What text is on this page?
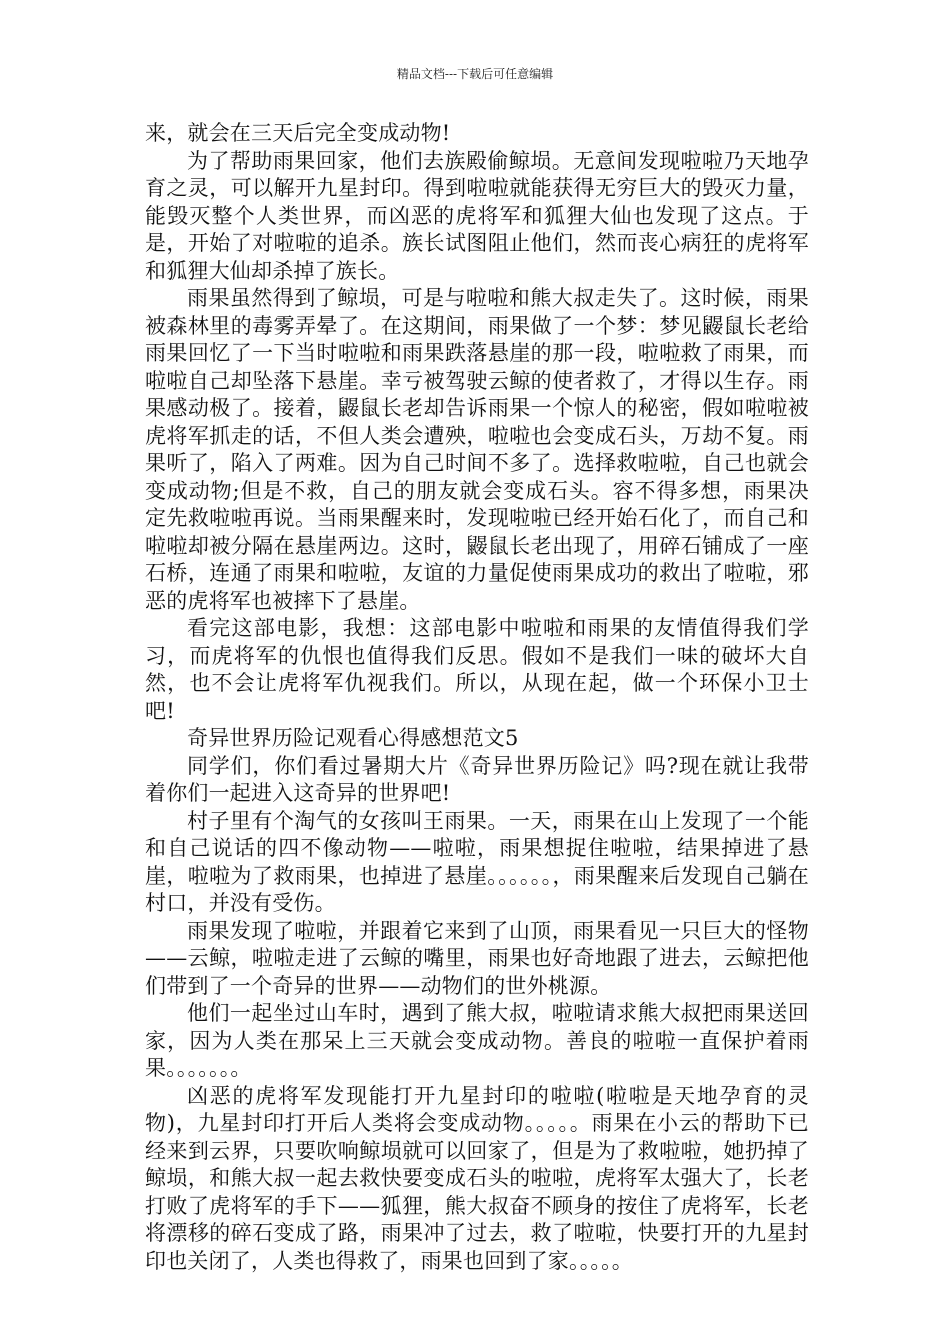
精品文档---下载后可任意编辑

来，就会在三天后完全变成动物!

为了帮助雨果回家，他们去族殿偷鲸埙。无意间发现啦啦乃天地孕育之灵，可以解开九星封印。得到啦啦就能获得无穷巨大的毁灭力量，能毁灭整个人类世界，而凶恶的虎将军和狐狸大仙也发现了这点。于是，开始了对啦啦的追杀。族长试图阻止他们，然而丧心病狂的虎将军和狐狸大仙却杀掉了族长。

雨果虽然得到了鲸埙，可是与啦啦和熊大叔走失了。这时候，雨果被森林里的毒雾弄晕了。在这期间，雨果做了一个梦：梦见鼹鼠长老给雨果回忆了一下当时啦啦和雨果跌落悬崖的那一段，啦啦救了雨果，而啦啦自己却坠落下悬崖。幸亏被驾驶云鲸的使者救了，才得以生存。雨果感动极了。接着，鼹鼠长老却告诉雨果一个惊人的秘密，假如啦啦被虎将军抓走的话，不但人类会遭殃，啦啦也会变成石头，万劫不复。雨果听了，陷入了两难。因为自己时间不多了。选择救啦啦，自己也就会变成动物;但是不救，自己的朋友就会变成石头。容不得多想，雨果决定先救啦啦再说。当雨果醒来时，发现啦啦已经开始石化了，而自己和啦啦却被分隔在悬崖两边。这时，鼹鼠长老出现了，用碎石铺成了一座石桥，连通了雨果和啦啦，友谊的力量促使雨果成功的救出了啦啦，邪恶的虎将军也被摔下了悬崖。

看完这部电影，我想：这部电影中啦啦和雨果的友情值得我们学习，而虎将军的仇恨也值得我们反思。假如不是我们一味的破坏大自然，也不会让虎将军仇视我们。所以，从现在起，做一个环保小卫士吧!

奇异世界历险记观看心得感想范文5

同学们，你们看过暑期大片《奇异世界历险记》吗?现在就让我带着你们一起进入这奇异的世界吧!

村子里有个淘气的女孩叫王雨果。一天，雨果在山上发现了一个能和自己说话的四不像动物——啦啦，雨果想捉住啦啦，结果掉进了悬崖，啦啦为了救雨果，也掉进了悬崖。。。。。。，雨果醒来后发现自己躺在村口，并没有受伤。

雨果发现了啦啦，并跟着它来到了山顶，雨果看见一只巨大的怪物——云鲸，啦啦走进了云鲸的嘴里，雨果也好奇地跟了进去，云鲸把他们带到了一个奇异的世界——动物们的世外桃源。

他们一起坐过山车时，遇到了熊大叔，啦啦请求熊大叔把雨果送回家，因为人类在那呆上三天就会变成动物。善良的啦啦一直保护着雨果。。。。。。。

凶恶的虎将军发现能打开九星封印的啦啦(啦啦是天地孕育的灵物)，九星封印打开后人类将会变成动物。。。。。雨果在小云的帮助下已经来到云界，只要吹响鲸埙就可以回家了，但是为了救啦啦，她扔掉了鲸埙，和熊大叔一起去救快要变成石头的啦啦，虎将军太强大了，长老打败了虎将军的手下——狐狸，熊大叔奋不顾身的按住了虎将军，长老将漂移的碎石变成了路，雨果冲了过去，救了啦啦，快要打开的九星封印也关闭了，人类也得救了，雨果也回到了家。。。。。
